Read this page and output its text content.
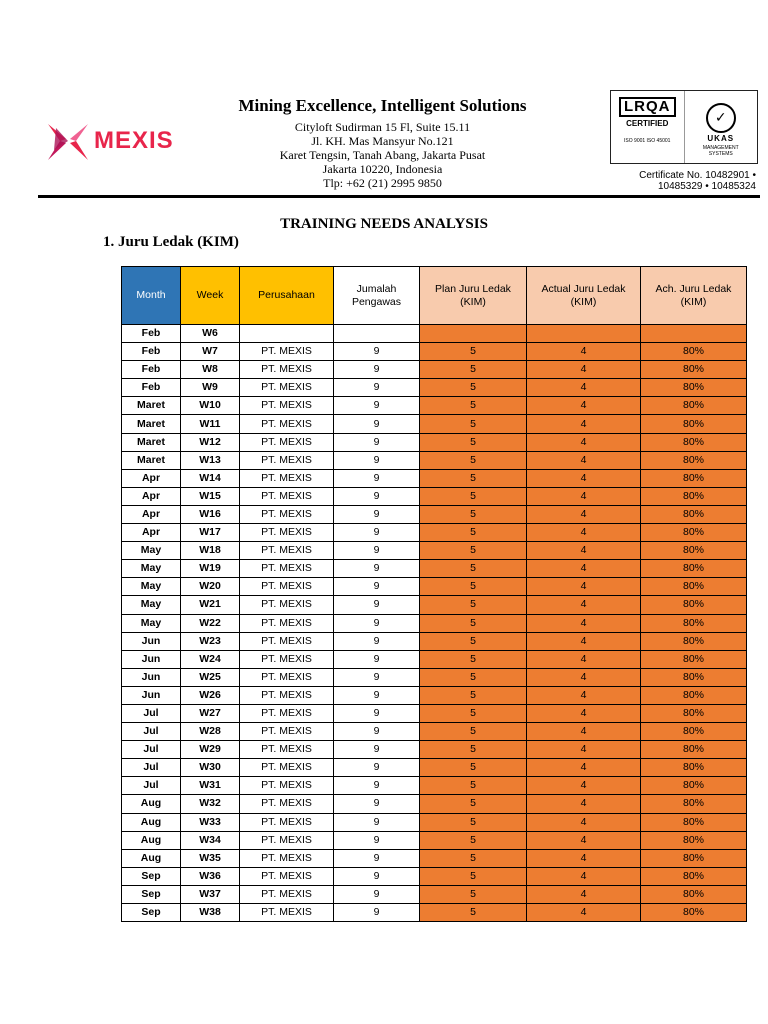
MEXIS
Mining Excellence, Intelligent Solutions
Cityloft Sudirman 15 Fl, Suite 15.11
Jl. KH. Mas Mansyur No.121
Karet Tengsin, Tanah Abang, Jakarta Pusat
Jakarta 10220, Indonesia
Tlp: +62 (21) 2995 9850
LRQA
CERTIFIED
ISO 9001 ISO 45001
✓
UKAS
MANAGEMENT SYSTEMS
Certificate No. 10482901 •
10485329 • 10485324
TRAINING NEEDS ANALYSIS
1. Juru Ledak (KIM)
Month	Week	Perusahaan	Jumalah Pengawas	Plan Juru Ledak (KIM)	Actual Juru Ledak (KIM)	Ach. Juru Ledak (KIM)
Feb	W6					
Feb	W7	PT. MEXIS	9	5	4	80%
Feb	W8	PT. MEXIS	9	5	4	80%
Feb	W9	PT. MEXIS	9	5	4	80%
Maret	W10	PT. MEXIS	9	5	4	80%
Maret	W11	PT. MEXIS	9	5	4	80%
Maret	W12	PT. MEXIS	9	5	4	80%
Maret	W13	PT. MEXIS	9	5	4	80%
Apr	W14	PT. MEXIS	9	5	4	80%
Apr	W15	PT. MEXIS	9	5	4	80%
Apr	W16	PT. MEXIS	9	5	4	80%
Apr	W17	PT. MEXIS	9	5	4	80%
May	W18	PT. MEXIS	9	5	4	80%
May	W19	PT. MEXIS	9	5	4	80%
May	W20	PT. MEXIS	9	5	4	80%
May	W21	PT. MEXIS	9	5	4	80%
May	W22	PT. MEXIS	9	5	4	80%
Jun	W23	PT. MEXIS	9	5	4	80%
Jun	W24	PT. MEXIS	9	5	4	80%
Jun	W25	PT. MEXIS	9	5	4	80%
Jun	W26	PT. MEXIS	9	5	4	80%
Jul	W27	PT. MEXIS	9	5	4	80%
Jul	W28	PT. MEXIS	9	5	4	80%
Jul	W29	PT. MEXIS	9	5	4	80%
Jul	W30	PT. MEXIS	9	5	4	80%
Jul	W31	PT. MEXIS	9	5	4	80%
Aug	W32	PT. MEXIS	9	5	4	80%
Aug	W33	PT. MEXIS	9	5	4	80%
Aug	W34	PT. MEXIS	9	5	4	80%
Aug	W35	PT. MEXIS	9	5	4	80%
Sep	W36	PT. MEXIS	9	5	4	80%
Sep	W37	PT. MEXIS	9	5	4	80%
Sep	W38	PT. MEXIS	9	5	4	80%
